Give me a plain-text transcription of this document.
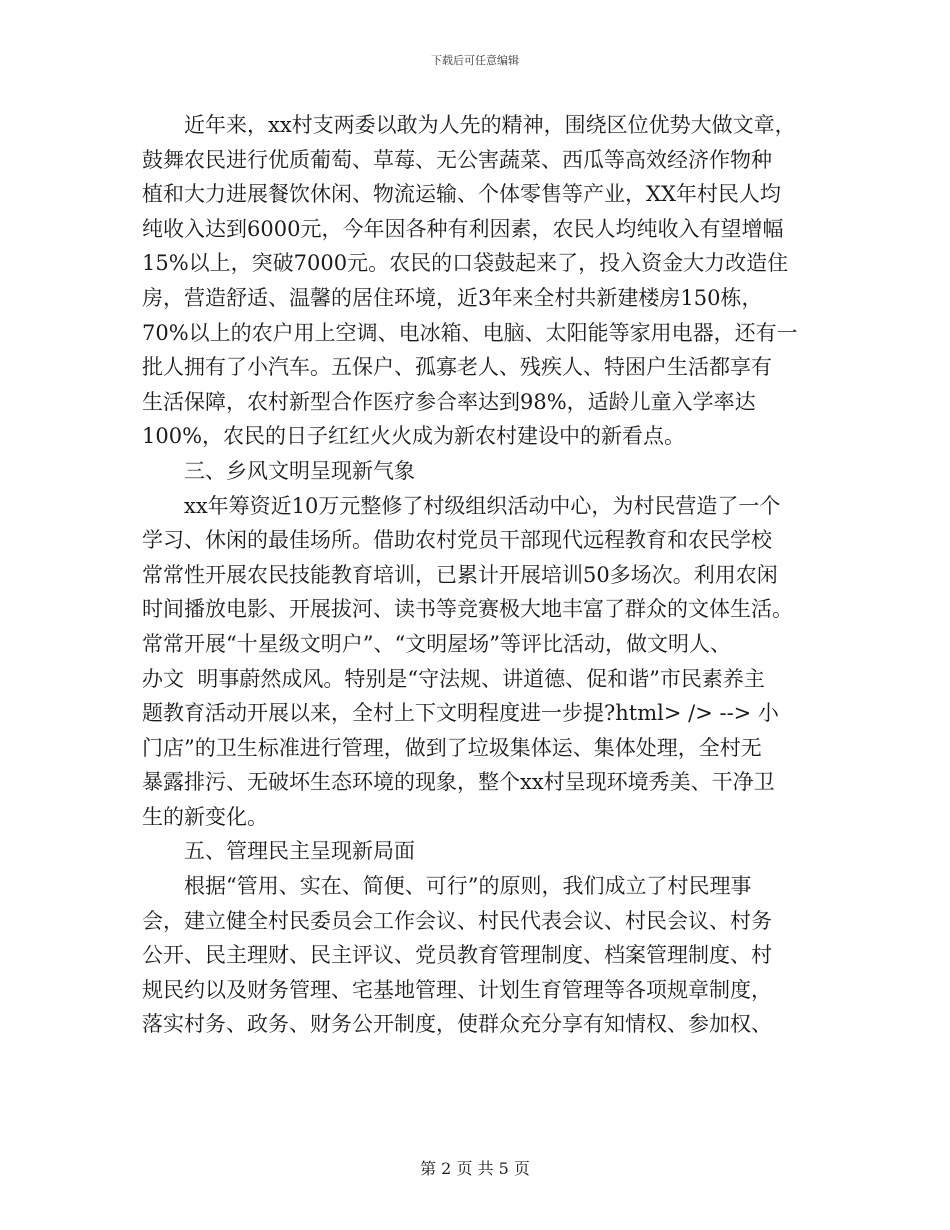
下载后可任意编辑

　　近年来，xx村支两委以敢为人先的精神，围绕区位优势大做文章，

鼓舞农民进行优质葡萄、草莓、无公害蔬菜、西瓜等高效经济作物种

植和大力进展餐饮休闲、物流运输、个体零售等产业，XX年村民人均

纯收入达到6000元，今年因各种有利因素，农民人均纯收入有望增幅

15%以上，突破7000元。农民的口袋鼓起来了，投入资金大力改造住

房，营造舒适、温馨的居住环境，近3年来全村共新建楼房150栋，

70%以上的农户用上空调、电冰箱、电脑、太阳能等家用电器，还有一

批人拥有了小汽车。五保户、孤寡老人、残疾人、特困户生活都享有

生活保障，农村新型合作医疗参合率达到98%，适龄儿童入学率达

100%，农民的日子红红火火成为新农村建设中的新看点。

　　三、乡风文明呈现新气象

　　xx年筹资近10万元整修了村级组织活动中心，为村民营造了一个

学习、休闲的最佳场所。借助农村党员干部现代远程教育和农民学校

常常性开展农民技能教育培训，已累计开展培训50多场次。利用农闲

时间播放电影、开展拔河、读书等竞赛极大地丰富了群众的文体生活。

常常开展“十星级文明户”、“文明屋场”等评比活动，做文明人、

办文  明事蔚然成风。特别是“守法规、讲道德、促和谐”市民素养主

题教育活动开展以来，全村上下文明程度进一步提?html> /> --> 小

门店”的卫生标准进行管理，做到了垃圾集体运、集体处理，全村无

暴露排污、无破坏生态环境的现象，整个xx村呈现环境秀美、干净卫

生的新变化。

　　五、管理民主呈现新局面

　　根据“管用、实在、简便、可行”的原则，我们成立了村民理事

会，建立健全村民委员会工作会议、村民代表会议、村民会议、村务

公开、民主理财、民主评议、党员教育管理制度、档案管理制度、村

规民约以及财务管理、宅基地管理、计划生育管理等各项规章制度，

落实村务、政务、财务公开制度，使群众充分享有知情权、参加权、

第 2 页 共 5 页
